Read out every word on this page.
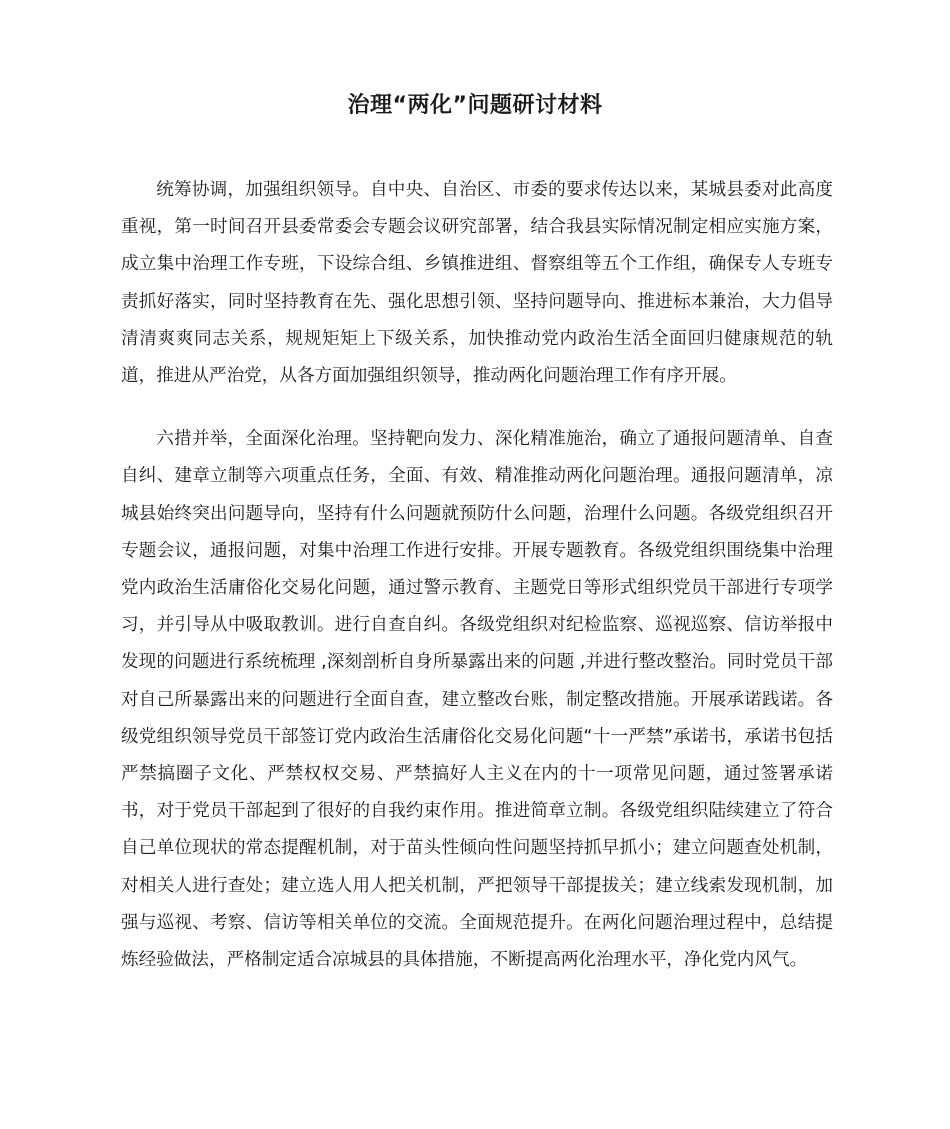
治理“两化”问题研讨材料

统筹协调，加强组织领导。自中央、自治区、市委的要求传达以来，某城县委对此高度重视，第一时间召开县委常委会专题会议研究部署，结合我县实际情况制定相应实施方案，成立集中治理工作专班，下设综合组、乡镇推进组、督察组等五个工作组，确保专人专班专责抓好落实，同时坚持教育在先、强化思想引领、坚持问题导向、推进标本兼治，大力倡导清清爽爽同志关系，规规矩矩上下级关系，加快推动党内政治生活全面回归健康规范的轨道，推进从严治党，从各方面加强组织领导，推动两化问题治理工作有序开展。

六措并举，全面深化治理。坚持靶向发力、深化精准施治，确立了通报问题清单、自查自纠、建章立制等六项重点任务，全面、有效、精准推动两化问题治理。通报问题清单，凉城县始终突出问题导向，坚持有什么问题就预防什么问题，治理什么问题。各级党组织召开专题会议，通报问题，对集中治理工作进行安排。开展专题教育。各级党组织围绕集中治理党内政治生活庸俗化交易化问题，通过警示教育、主题党日等形式组织党员干部进行专项学习，并引导从中吸取教训。进行自查自纠。各级党组织对纪检监察、巡视巡察、信访举报中发现的问题进行系统梳理 ,深刻剖析自身所暴露出来的问题 ,并进行整改整治。同时党员干部对自己所暴露出来的问题进行全面自查，建立整改台账，制定整改措施。开展承诺践诺。各级党组织领导党员干部签订党内政治生活庸俗化交易化问题“十一严禁”承诺书，承诺书包括严禁搞圈子文化、严禁权权交易、严禁搞好人主义在内的十一项常见问题，通过签署承诺书，对于党员干部起到了很好的自我约束作用。推进简章立制。各级党组织陆续建立了符合自己单位现状的常态提醒机制，对于苗头性倾向性问题坚持抓早抓小；建立问题查处机制，对相关人进行查处；建立选人用人把关机制，严把领导干部提拔关；建立线索发现机制，加强与巡视、考察、信访等相关单位的交流。全面规范提升。在两化问题治理过程中，总结提炼经验做法，严格制定适合凉城县的具体措施，不断提高两化治理水平，净化党内风气。
